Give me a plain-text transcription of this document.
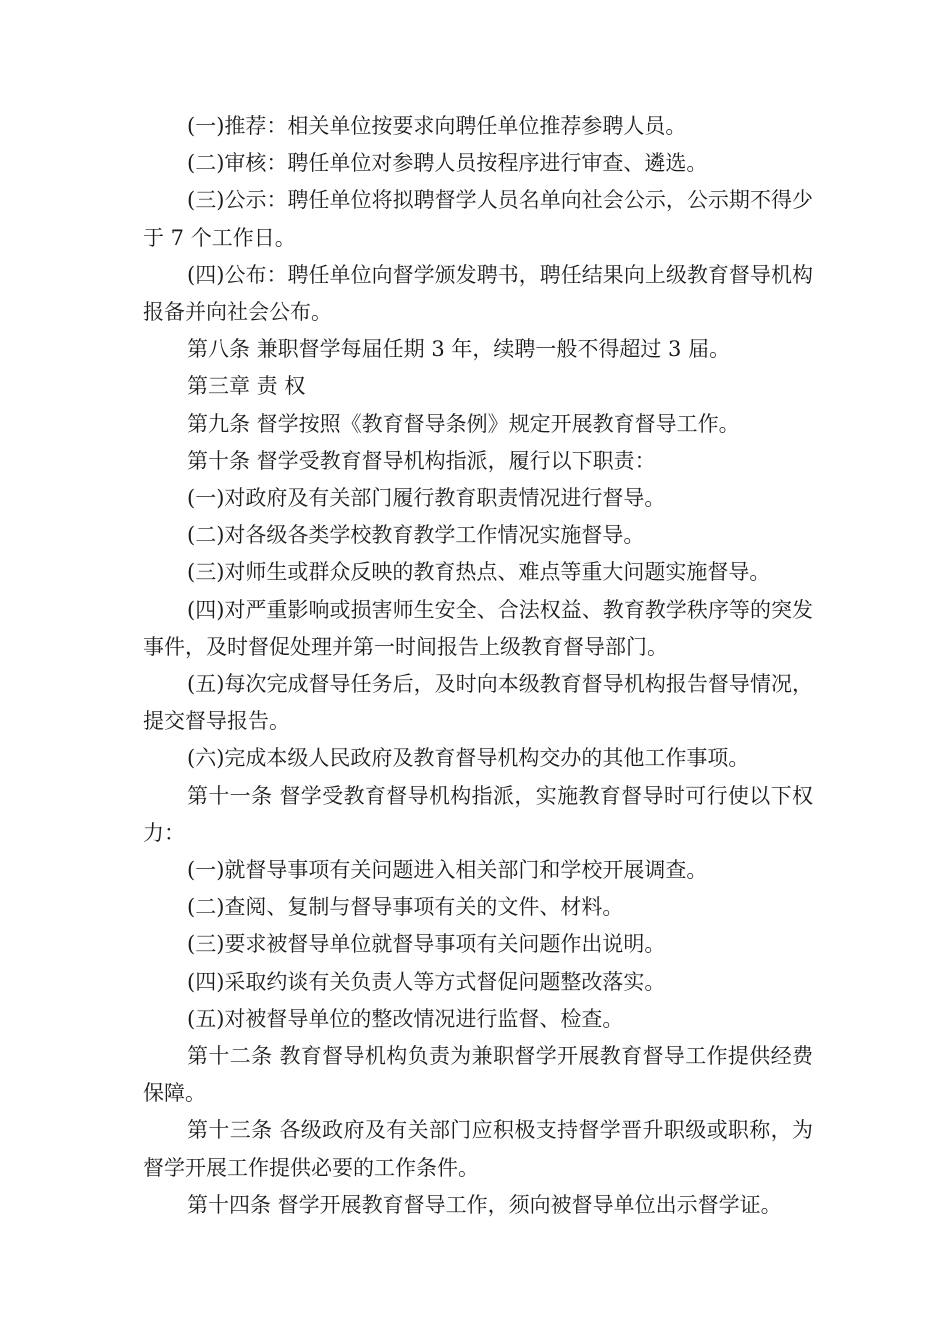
(一)推荐：相关单位按要求向聘任单位推荐参聘人员。

(二)审核：聘任单位对参聘人员按程序进行审查、遴选。

(三)公示：聘任单位将拟聘督学人员名单向社会公示，公示期不得少于 7 个工作日。

(四)公布：聘任单位向督学颁发聘书，聘任结果向上级教育督导机构报备并向社会公布。

第八条 兼职督学每届任期 3 年，续聘一般不得超过 3 届。

第三章 责 权

第九条 督学按照《教育督导条例》规定开展教育督导工作。

第十条 督学受教育督导机构指派，履行以下职责：

(一)对政府及有关部门履行教育职责情况进行督导。

(二)对各级各类学校教育教学工作情况实施督导。

(三)对师生或群众反映的教育热点、难点等重大问题实施督导。

(四)对严重影响或损害师生安全、合法权益、教育教学秩序等的突发事件，及时督促处理并第一时间报告上级教育督导部门。

(五)每次完成督导任务后，及时向本级教育督导机构报告督导情况，提交督导报告。

(六)完成本级人民政府及教育督导机构交办的其他工作事项。

第十一条 督学受教育督导机构指派，实施教育督导时可行使以下权力：

(一)就督导事项有关问题进入相关部门和学校开展调查。

(二)查阅、复制与督导事项有关的文件、材料。

(三)要求被督导单位就督导事项有关问题作出说明。

(四)采取约谈有关负责人等方式督促问题整改落实。

(五)对被督导单位的整改情况进行监督、检查。

第十二条 教育督导机构负责为兼职督学开展教育督导工作提供经费保障。

第十三条 各级政府及有关部门应积极支持督学晋升职级或职称，为督学开展工作提供必要的工作条件。

第十四条 督学开展教育督导工作，须向被督导单位出示督学证。
